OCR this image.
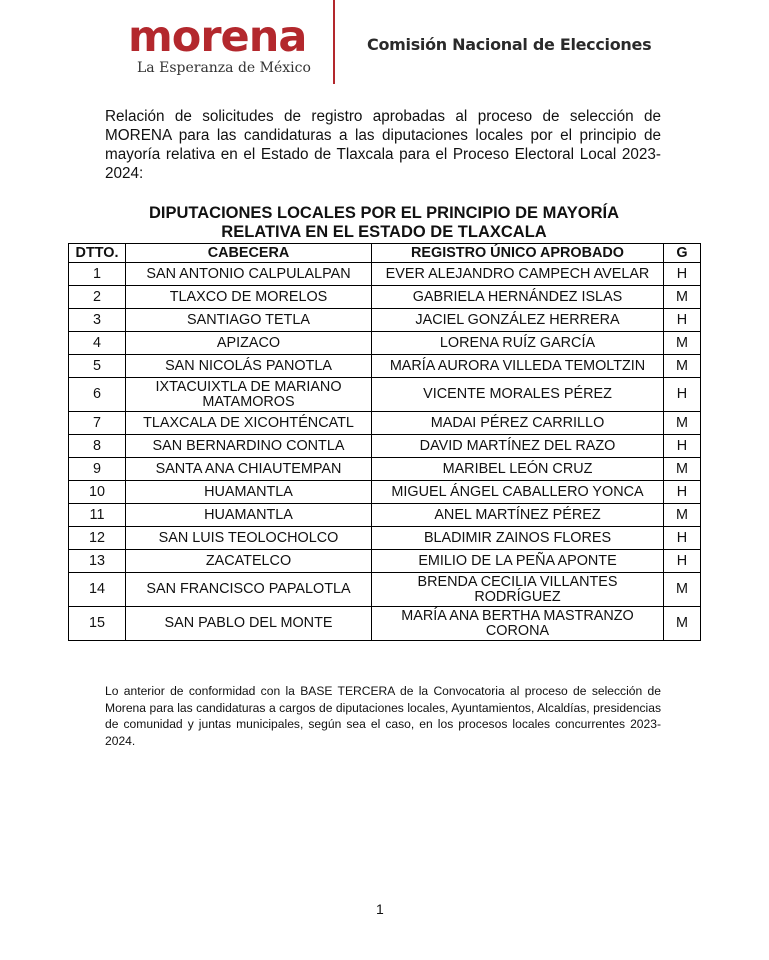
morena
La Esperanza de México
Comisión Nacional de Elecciones

Relación de solicitudes de registro aprobadas al proceso de selección de MORENA para las candidaturas a las diputaciones locales por el principio de mayoría relativa en el Estado de Tlaxcala para el Proceso Electoral Local 2023-2024:

DIPUTACIONES LOCALES POR EL PRINCIPIO DE MAYORÍA
RELATIVA EN EL ESTADO DE TLAXCALA

DTTO.	CABECERA	REGISTRO ÚNICO APROBADO	G
1	SAN ANTONIO CALPULALPAN	EVER ALEJANDRO CAMPECH AVELAR	H
2	TLAXCO DE MORELOS	GABRIELA HERNÁNDEZ ISLAS	M
3	SANTIAGO TETLA	JACIEL GONZÁLEZ HERRERA	H
4	APIZACO	LORENA RUÍZ GARCÍA	M
5	SAN NICOLÁS PANOTLA	MARÍA AURORA VILLEDA TEMOLTZIN	M
6	IXTACUIXTLA DE MARIANO MATAMOROS	VICENTE MORALES PÉREZ	H
7	TLAXCALA DE XICOHTÉNCATL	MADAI PÉREZ CARRILLO	M
8	SAN BERNARDINO CONTLA	DAVID MARTÍNEZ DEL RAZO	H
9	SANTA ANA CHIAUTEMPAN	MARIBEL LEÓN CRUZ	M
10	HUAMANTLA	MIGUEL ÁNGEL CABALLERO YONCA	H
11	HUAMANTLA	ANEL MARTÍNEZ PÉREZ	M
12	SAN LUIS TEOLOCHOLCO	BLADIMIR ZAINOS FLORES	H
13	ZACATELCO	EMILIO DE LA PEÑA APONTE	H
14	SAN FRANCISCO PAPALOTLA	BRENDA CECILIA VILLANTES RODRÍGUEZ	M
15	SAN PABLO DEL MONTE	MARÍA ANA BERTHA MASTRANZO CORONA	M

Lo anterior de conformidad con la BASE TERCERA de la Convocatoria al proceso de selección de Morena para las candidaturas a cargos de diputaciones locales, Ayuntamientos, Alcaldías, presidencias de comunidad y juntas municipales, según sea el caso, en los procesos locales concurrentes 2023-2024.

1
